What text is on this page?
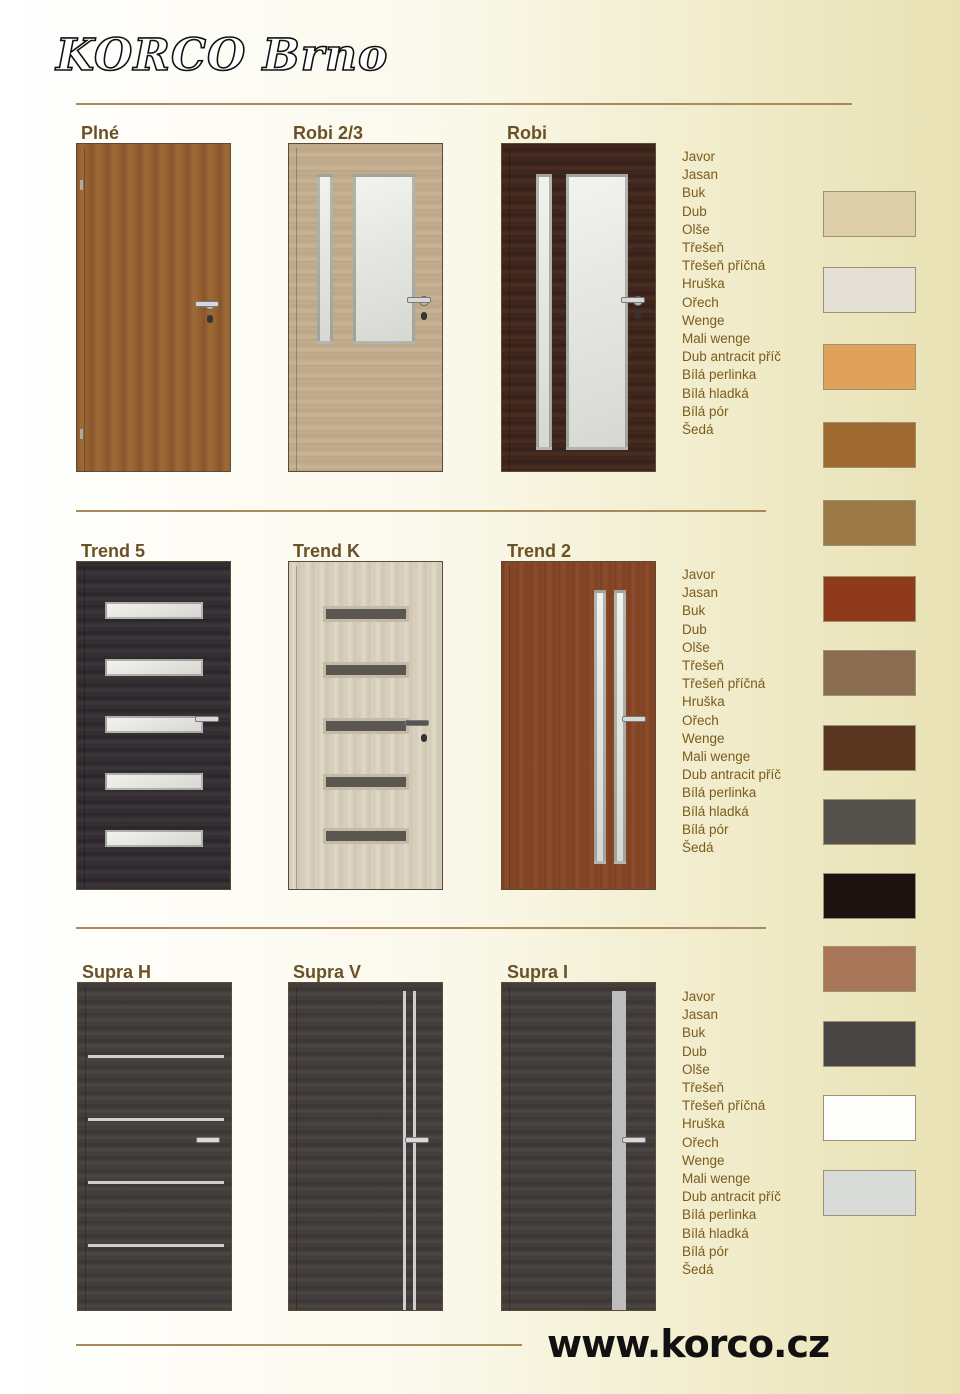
KORCO Brno
Plné	Robi 2/3	Robi
Javor
Jasan
Buk
Dub
Olše
Třešeň
Třešeň příčná
Hruška
Ořech
Wenge
Mali wenge
Dub antracit příč
Bílá perlinka
Bílá hladká
Bílá pór
Šedá
Trend 5	Trend K	Trend 2
Javor
Jasan
Buk
Dub
Olše
Třešeň
Třešeň příčná
Hruška
Ořech
Wenge
Mali wenge
Dub antracit příč
Bílá perlinka
Bílá hladká
Bílá pór
Šedá
Supra H	Supra V	Supra I
Javor
Jasan
Buk
Dub
Olše
Třešeň
Třešeň příčná
Hruška
Ořech
Wenge
Mali wenge
Dub antracit příč
Bílá perlinka
Bílá hladká
Bílá pór
Šedá
www.korco.cz
